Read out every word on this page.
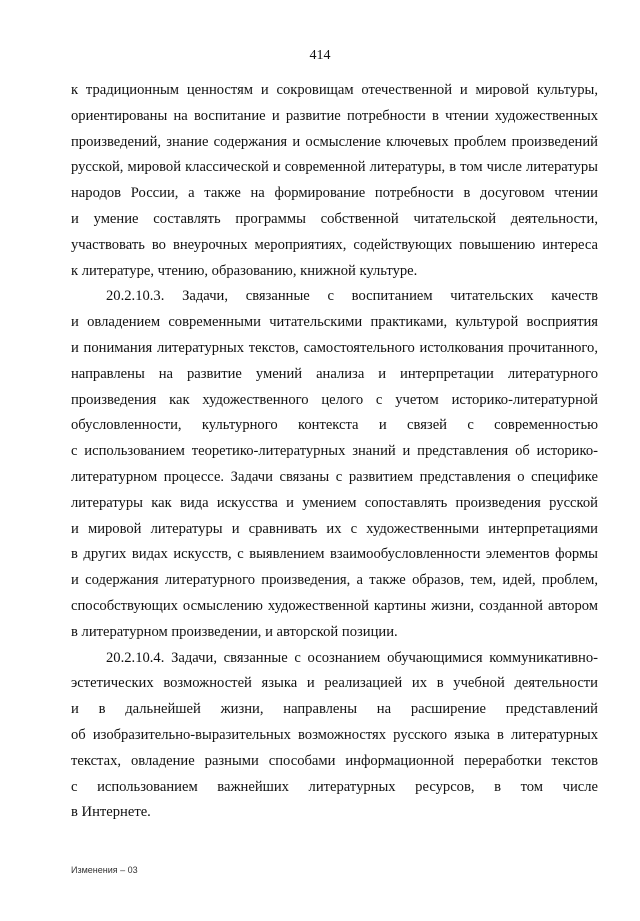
414
к традиционным ценностям и сокровищам отечественной и мировой культуры,
ориентированы на воспитание и развитие потребности в чтении художественных
произведений, знание содержания и осмысление ключевых проблем произведений
русской, мировой классической и современной литературы, в том числе литературы
народов России, а также на формирование потребности в досуговом чтении
и умение составлять программы собственной читательской деятельности,
участвовать во внеурочных мероприятиях, содействующих повышению интереса
к литературе, чтению, образованию, книжной культуре.
20.2.10.3. Задачи, связанные с воспитанием читательских качеств
и овладением современными читательскими практиками, культурой восприятия
и понимания литературных текстов, самостоятельного истолкования прочитанного,
направлены на развитие умений анализа и интерпретации литературного
произведения как художественного целого с учетом историко-литературной
обусловленности, культурного контекста и связей с современностью
с использованием теоретико-литературных знаний и представления об историко-
литературном процессе. Задачи связаны с развитием представления о специфике
литературы как вида искусства и умением сопоставлять произведения русской
и мировой литературы и сравнивать их с художественными интерпретациями
в других видах искусств, с выявлением взаимообусловленности элементов формы
и содержания литературного произведения, а также образов, тем, идей, проблем,
способствующих осмыслению художественной картины жизни, созданной автором
в литературном произведении, и авторской позиции.
20.2.10.4. Задачи, связанные с осознанием обучающимися коммуникативно-
эстетических возможностей языка и реализацией их в учебной деятельности
и в дальнейшей жизни, направлены на расширение представлений
об изобразительно-выразительных возможностях русского языка в литературных
текстах, овладение разными способами информационной переработки текстов
с использованием важнейших литературных ресурсов, в том числе
в Интернете.
Изменения – 03
